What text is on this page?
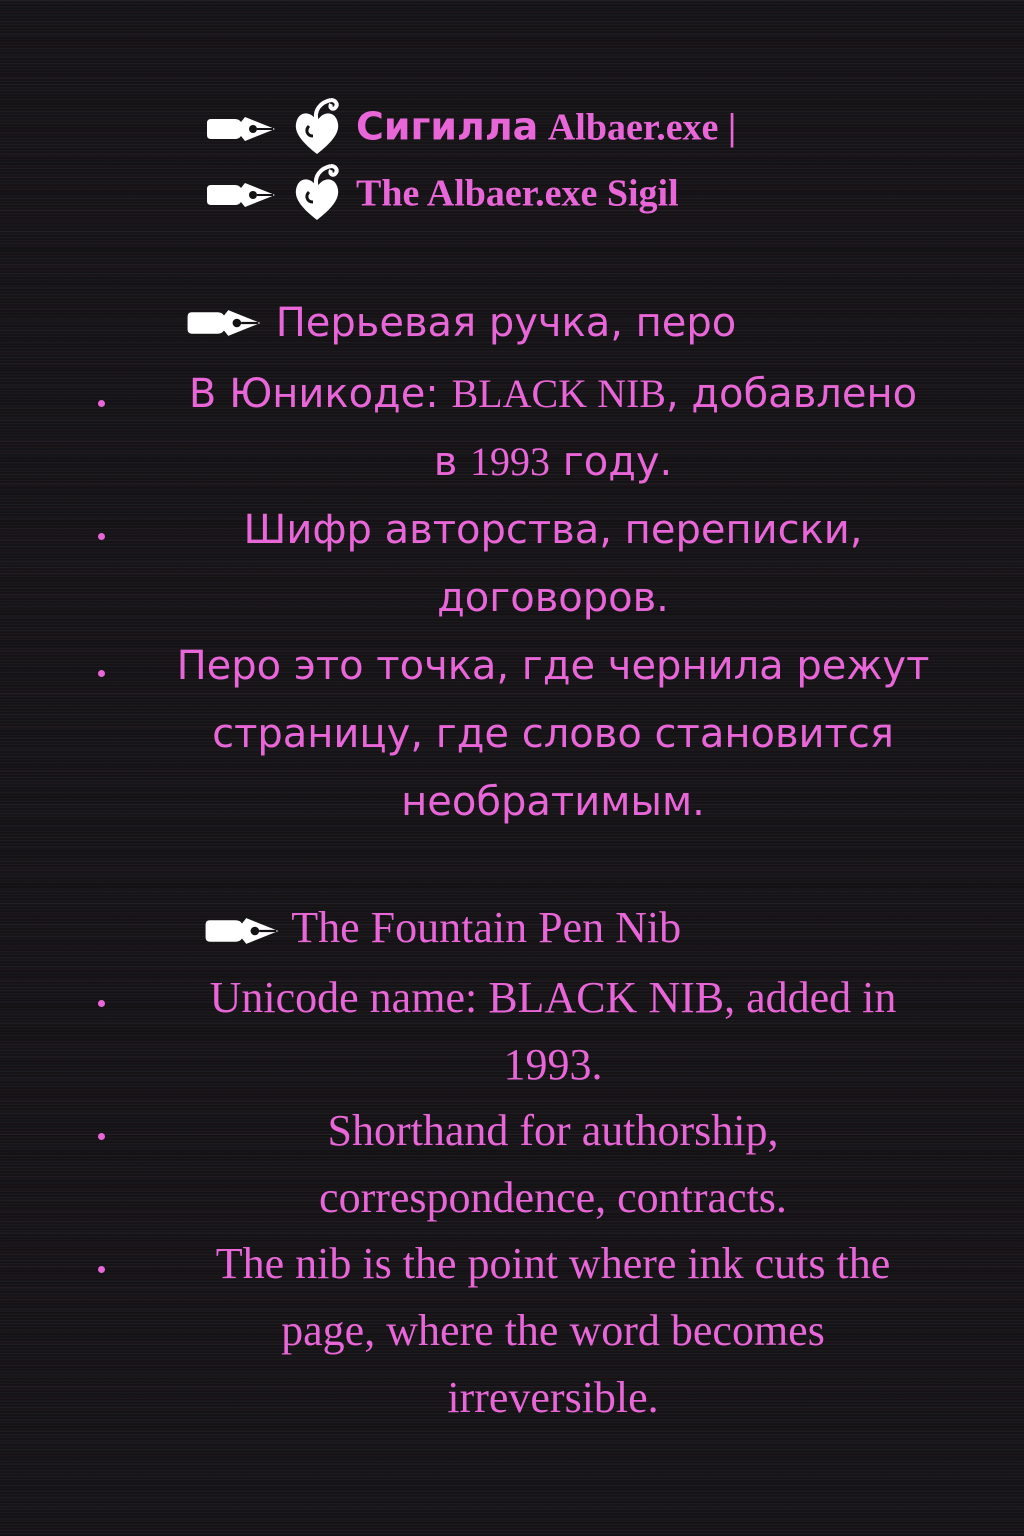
Сигилла Albaer.exe |
The Albaer.exe Sigil
Перьевая ручка, перо
В Юникоде: BLACK NIB, добавлено
в 1993 году.
Шифр авторства, переписки,
договоров.
Перо это точка, где чернила режут
страницу, где слово становится
необратимым.
The Fountain Pen Nib
Unicode name: BLACK NIB, added in
1993.
Shorthand for authorship,
correspondence, contracts.
The nib is the point where ink cuts the
page, where the word becomes
irreversible.
